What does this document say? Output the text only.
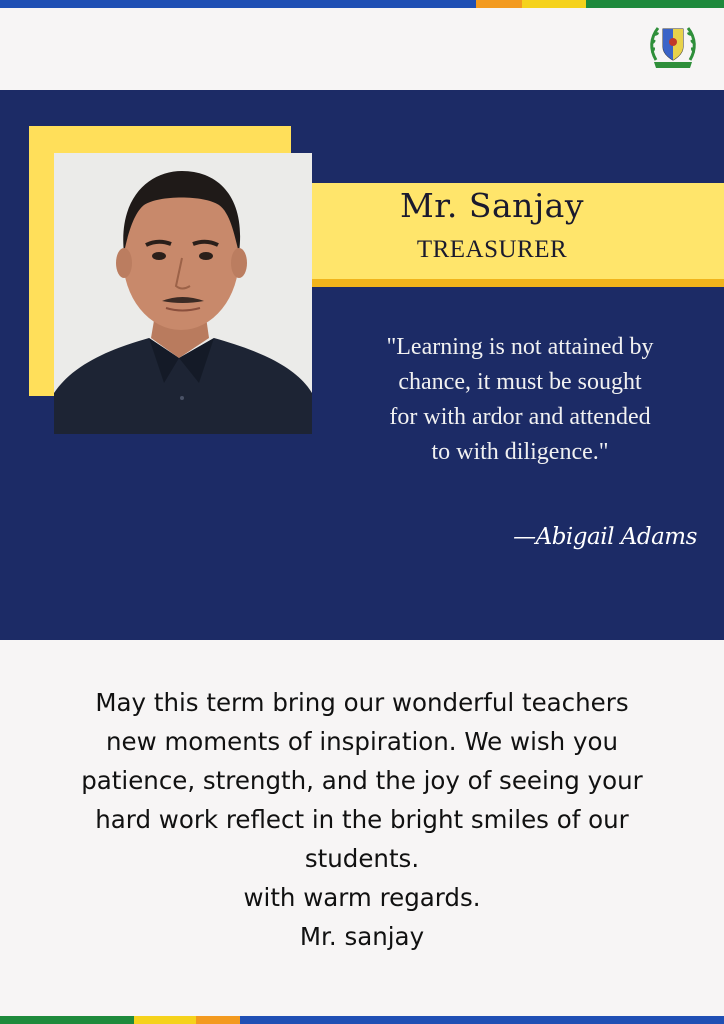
Mr. Sanjay
TREASURER
"Learning is not attained by
chance, it must be sought
for with ardor and attended
to with diligence."
—Abigail Adams
May this term bring our wonderful teachers
new moments of inspiration. We wish you
patience, strength, and the joy of seeing your
hard work reflect in the bright smiles of our
students.
with warm regards.
Mr. sanjay
